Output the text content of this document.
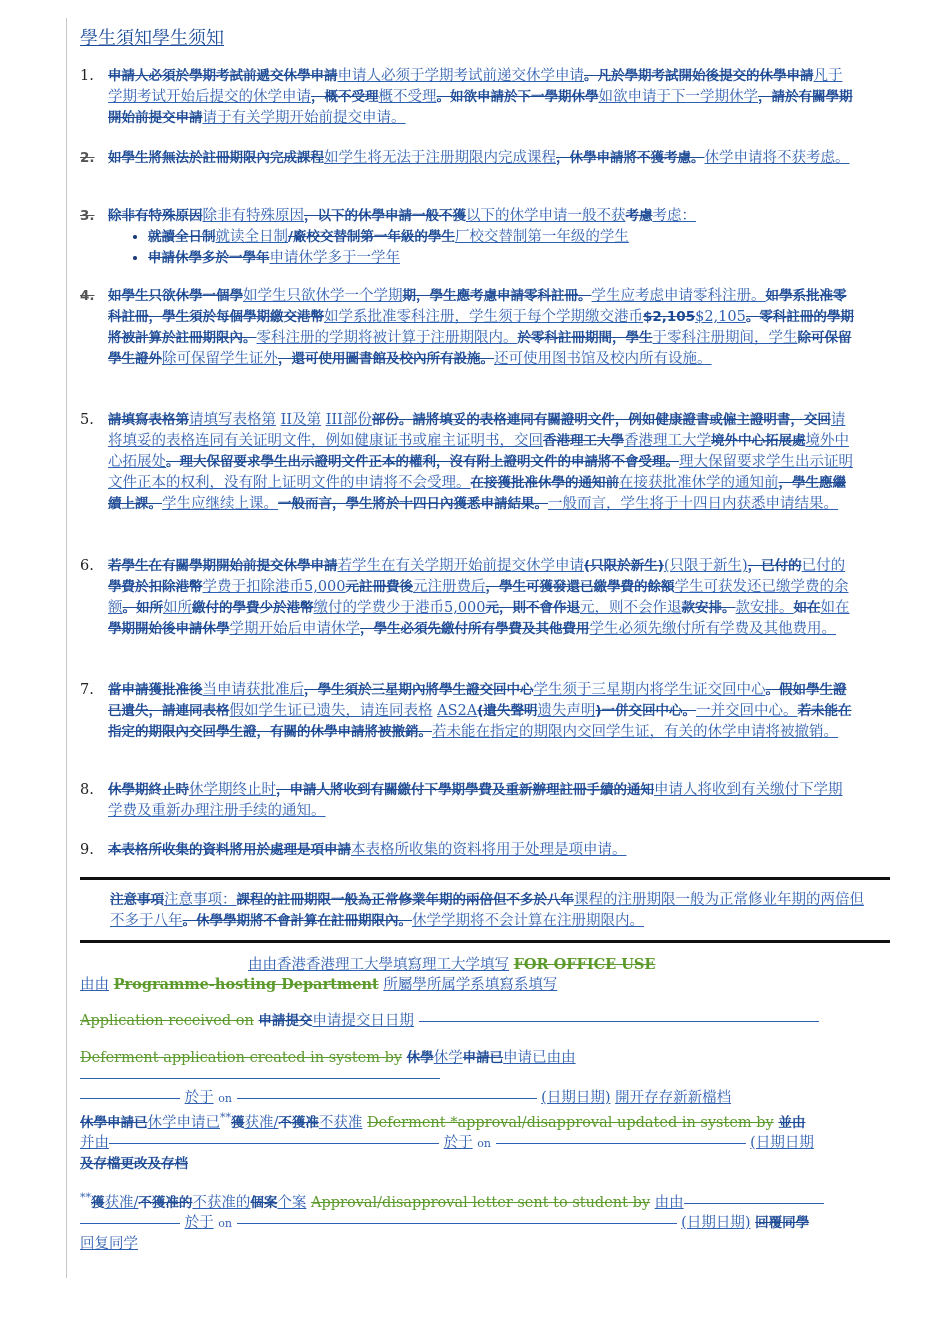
學生須知學生须知
1.	申請人必須於學期考試前遞交休學申請申请人必须于学期考试前递交休学申请。凡於學期考試開始後提交的休學申請凡于学期考试开始后提交的休学申请，概不受理概不受理。如欲申請於下一學期休學如欲申请于下一学期休学，請於有關學期開始前提交申請请于有关学期开始前提交申请。
2. 如學生將無法於註冊期限內完成課程如学生将无法于注册期限内完成课程，休學申請將不獲考慮。休学申请将不获考虑。
3. 除非有特殊原因除非有特殊原因，以下的休學申請一般不獲以下的休学申请一般不获考慮考虑：
• 就讀全日制就读全日制/廠校交替制第一年級的學生厂校交替制第一年级的学生
• 申請休學多於一學年申请休学多于一学年
4. 如學生只欲休學一個學如学生只欲休学一个学期期，學生應考慮申請零科註冊。学生应考虑申请零科注册。如學系批准零科註冊，學生須於每個學期繳交港幣如学系批准零科注册，学生须于每个学期缴交港币$2,105$2,105。零科註冊的學期將被計算於註冊期限內。零科注册的学期将被计算于注册期限内。於零科註冊期間，學生于零科注册期间，学生除可保留學生證外除可保留学生证外，還可使用圖書館及校內所有設施。还可使用图书馆及校内所有设施。
5.	請填寫表格第请填写表格第 II及第 III部份部份。請將填妥的表格連同有關證明文件，例如健康證書或僱主證明書，交回请将填妥的表格连同有关证明文件，例如健康证书或雇主证明书，交回香港理工大學香港理工大学境外中心拓展處境外中心拓展处。理大保留要求學生出示證明文件正本的權利，沒有附上證明文件的申請將不會受理。理大保留要求学生出示证明文件正本的权利，没有附上证明文件的申请将不会受理。在接獲批准休學的通知前在接获批准休学的通知前，學生應繼續上課。学生应继续上课。一般而言，學生將於十四日內獲悉申請結果。一般而言，学生将于十四日内获悉申请结果。
6.	若學生在有關學期開始前提交休學申請若学生在有关学期开始前提交休学申请(只限於新生)(只限于新生)，已付的已付的學費於扣除港幣学费于扣除港币5,000元註冊費後元注册费后，學生可獲發還已繳學費的餘額学生可获发还已缴学费的余额。如所如所繳付的學費少於港幣缴付的学费少于港币5,000元，則不會作退元，则不会作退款安排。款安排。如在如在學期開始後申請休學学期开始后申请休学，學生必須先繳付所有學費及其他費用学生必须先缴付所有学费及其他费用。
7.	當申請獲批准後当申请获批准后，學生須於三星期內將學生證交回中心学生须于三星期内将学生证交回中心。假如學生證已遺失，請連同表格假如学生证已遗失，请连同表格 AS2A(遺失聲明遗失声明)一併交回中心。一并交回中心。若未能在指定的期限內交回學生證，有關的休學申請將被撤銷。若未能在指定的期限内交回学生证，有关的休学申请将被撤销。
8.	休學期終止時休学期终止时，申請人將收到有關繳付下學期學費及重新辦理註冊手續的通知申请人将收到有关缴付下学期学费及重新办理注册手续的通知。
9.	本表格所收集的資料將用於處理是項申請本表格所收集的资料将用于处理是项申请。
注意事項注意事项：課程的註冊期限一般為正常修業年期的兩倍但不多於八年课程的注册期限一般为正常修业年期的两倍但不多于八年。休學學期將不會計算在註冊期限內。休学学期将不会计算在注册期限内。
由由香港香港理工大學填寫理工大学填写 FOR OFFICE USE
由由 Programme-hosting Department 所屬學所属学系填寫系填写
Application received on 申請提交申请提交日日期
Deferment application created in system by 休學休学申請已申请已由由
於于 on	(日期日期) 開开存存新新檔档
休學申請已休学申请已**獲获准/不獲准不获准 Deferment *approval/disapproval updated in system by 並由
并由	於于 on	(日期日期
及存檔更改及存档
**獲获准/不獲准的不获准的個案个案 Approval/disapproval letter sent to student by 由由
於于 on	(日期日期) 回覆同學
回复同学
